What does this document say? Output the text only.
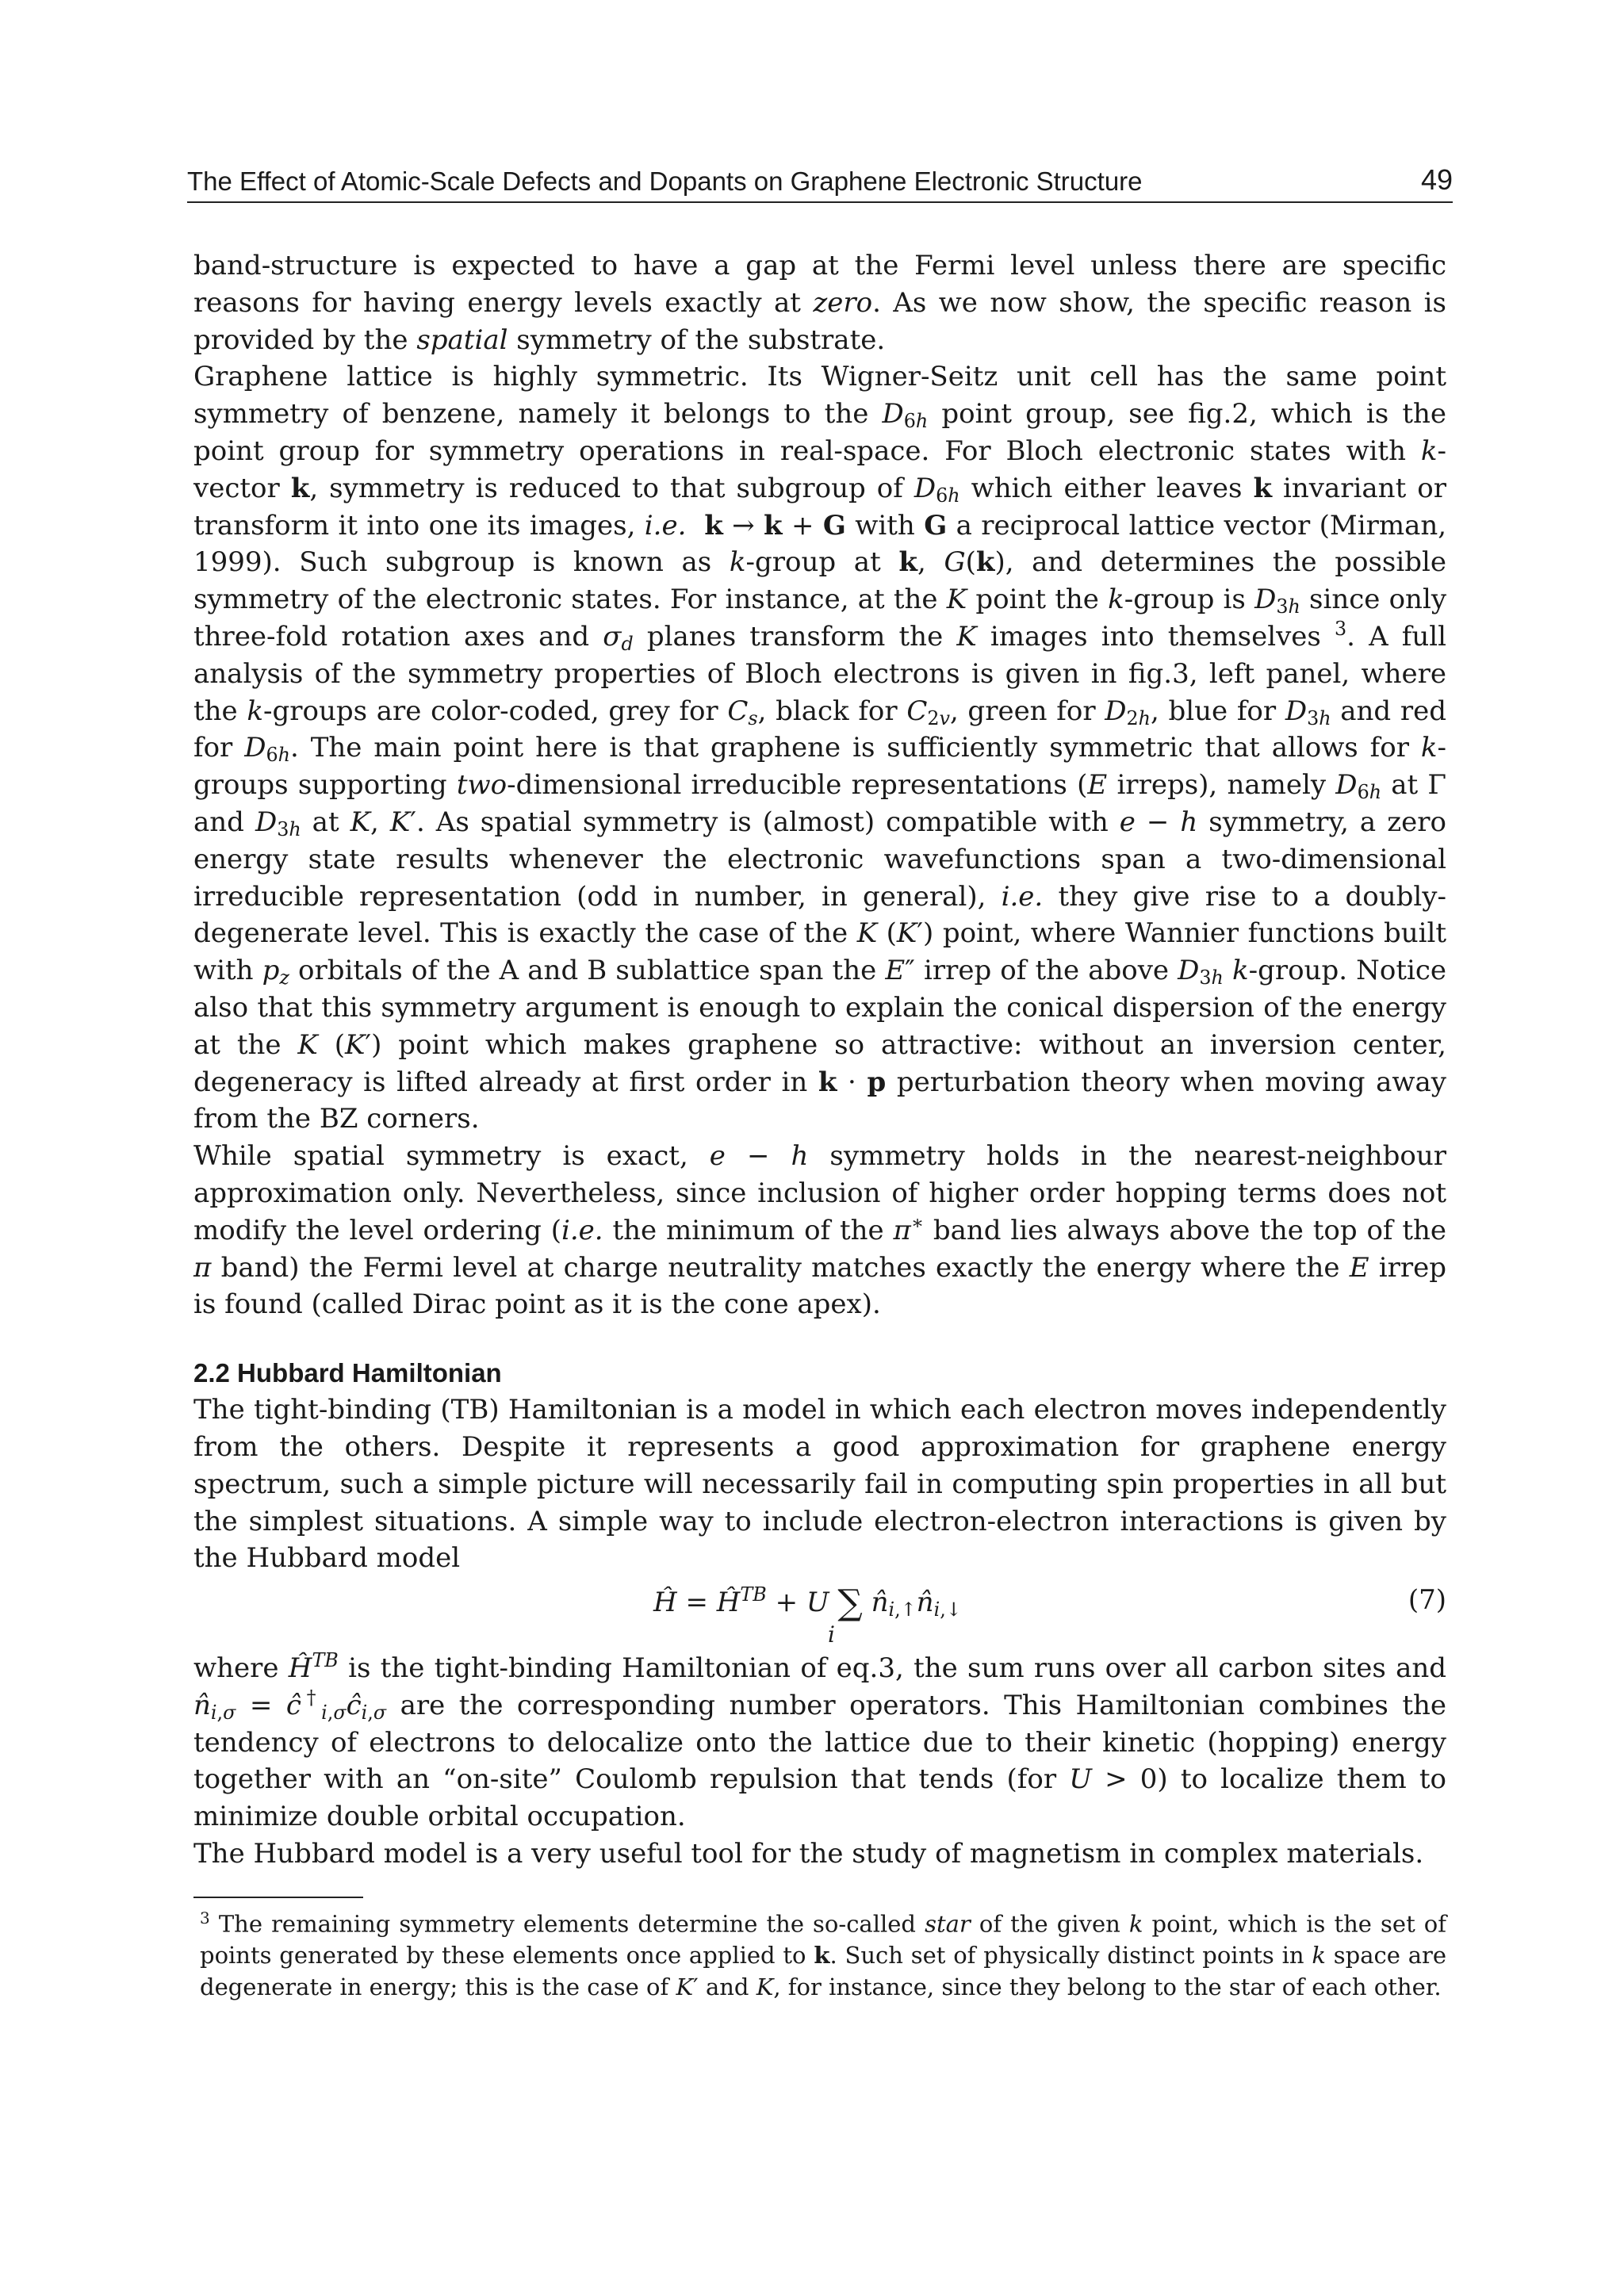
The Effect of Atomic-Scale Defects and Dopants on Graphene Electronic Structure	49

band-structure is expected to have a gap at the Fermi level unless there are specific reasons for having energy levels exactly at zero. As we now show, the specific reason is provided by the spatial symmetry of the substrate.

Graphene lattice is highly symmetric. Its Wigner-Seitz unit cell has the same point symmetry of benzene, namely it belongs to the $D_{6h}$ point group, see fig.2, which is the point group for symmetry operations in real-space. For Bloch electronic states with k-vector k, symmetry is reduced to that subgroup of $D_{6h}$ which either leaves k invariant or transform it into one its images, i.e. k → k + G with G a reciprocal lattice vector (Mirman, 1999). Such subgroup is known as k-group at k, G(k), and determines the possible symmetry of the electronic states. For instance, at the K point the k-group is $D_{3h}$ since only three-fold rotation axes and $\sigma_d$ planes transform the K images into themselves $^3$. A full analysis of the symmetry properties of Bloch electrons is given in fig.3, left panel, where the k-groups are color-coded, grey for $C_s$, black for $C_{2v}$, green for $D_{2h}$, blue for $D_{3h}$ and red for $D_{6h}$. The main point here is that graphene is sufficiently symmetric that allows for k-groups supporting two-dimensional irreducible representations (E irreps), namely $D_{6h}$ at Γ and $D_{3h}$ at K, K′. As spatial symmetry is (almost) compatible with e − h symmetry, a zero energy state results whenever the electronic wavefunctions span a two-dimensional irreducible representation (odd in number, in general), i.e. they give rise to a doubly-degenerate level. This is exactly the case of the K (K′) point, where Wannier functions built with $p_z$ orbitals of the A and B sublattice span the E″ irrep of the above $D_{3h}$ k-group. Notice also that this symmetry argument is enough to explain the conical dispersion of the energy at the K (K′) point which makes graphene so attractive: without an inversion center, degeneracy is lifted already at first order in k · p perturbation theory when moving away from the BZ corners.

While spatial symmetry is exact, e − h symmetry holds in the nearest-neighbour approximation only. Nevertheless, since inclusion of higher order hopping terms does not modify the level ordering (i.e. the minimum of the π∗ band lies always above the top of the π band) the Fermi level at charge neutrality matches exactly the energy where the E irrep is found (called Dirac point as it is the cone apex).

2.2 Hubbard Hamiltonian

The tight-binding (TB) Hamiltonian is a model in which each electron moves independently from the others. Despite it represents a good approximation for graphene energy spectrum, such a simple picture will necessarily fail in computing spin properties in all but the simplest situations. A simple way to include electron-electron interactions is given by the Hubbard model

Ĥ = $Ĥ^{TB} + U$ ∑ $n̂_{i,↑}n̂_{i,↓}$
i
(7)

where $Ĥ^{TB}$ is the tight-binding Hamiltonian of eq.3, the sum runs over all carbon sites and $n̂_{i,\sigma}$ = $ĉ^\dagger_{i,\sigma}ĉ_{i,\sigma}$ are the corresponding number operators. This Hamiltonian combines the tendency of electrons to delocalize onto the lattice due to their kinetic (hopping) energy together with an “on-site” Coulomb repulsion that tends (for U > 0) to localize them to minimize double orbital occupation.

The Hubbard model is a very useful tool for the study of magnetism in complex materials.

$^3$ The remaining symmetry elements determine the so-called star of the given k point, which is the set of points generated by these elements once applied to k. Such set of physically distinct points in k space are degenerate in energy; this is the case of K′ and K, for instance, since they belong to the star of each other.
